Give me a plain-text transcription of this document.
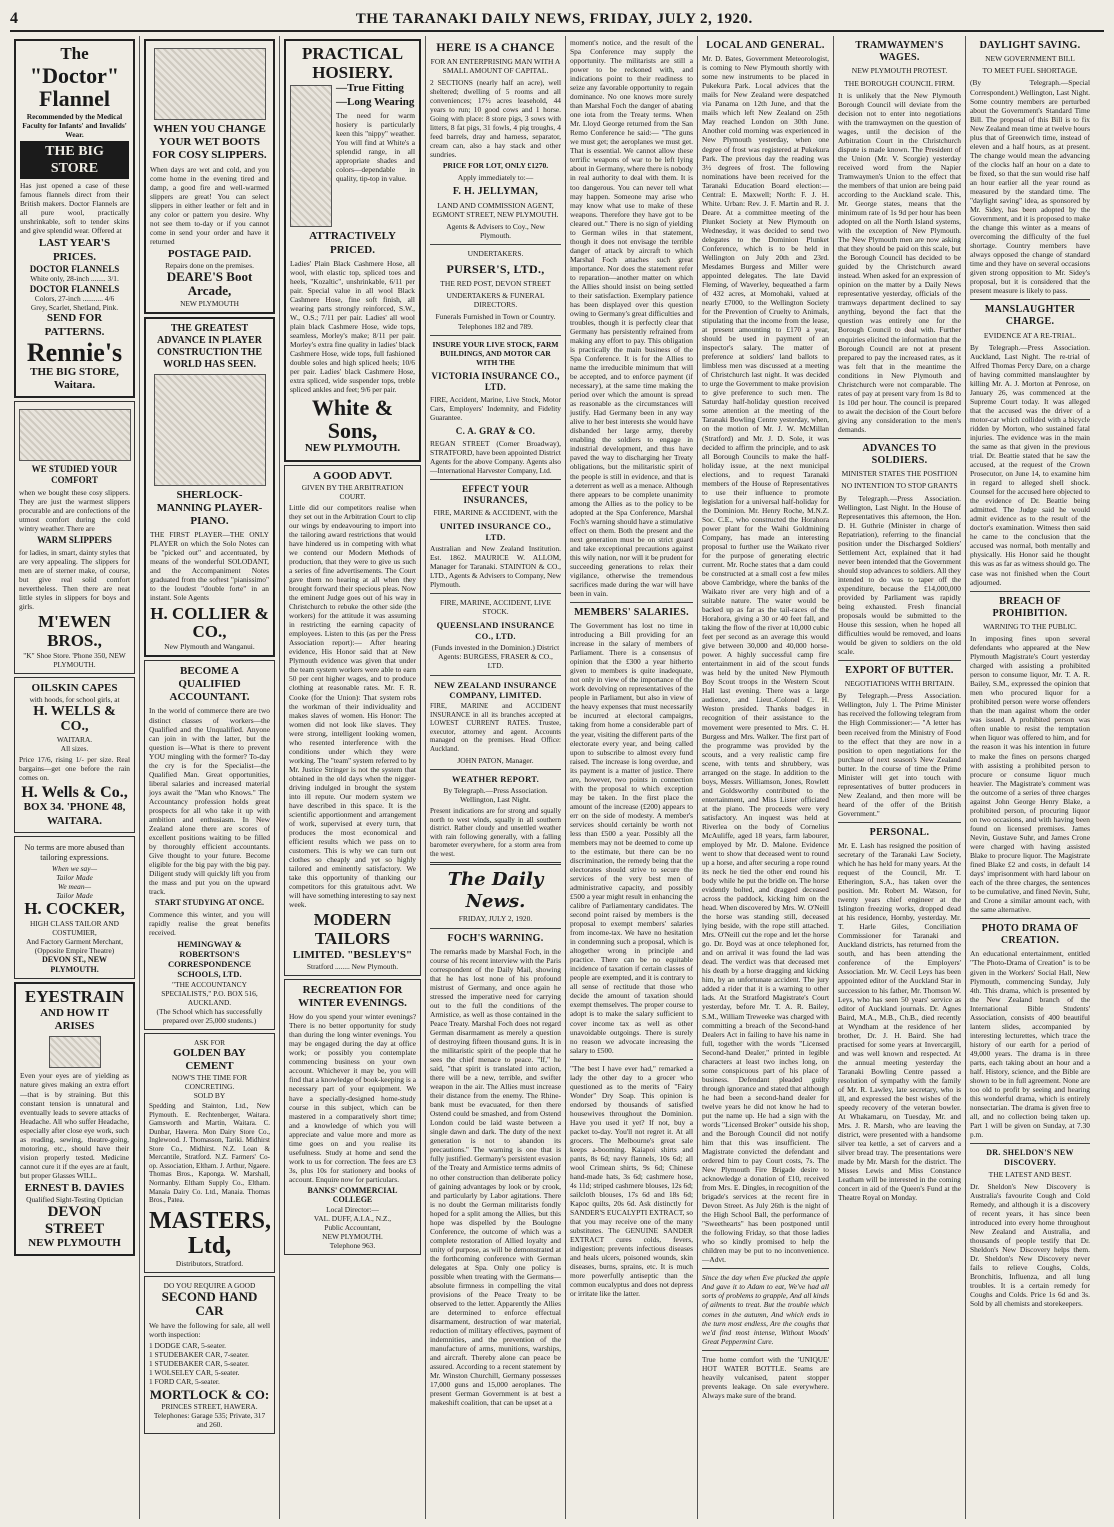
4	THE TARANAKI DAILY NEWS, FRIDAY, JULY 2, 1920.
The
"Doctor"
Flannel
Recommended by the Medical Faculty for Infants' and Invalids' Wear.
THE BIG STORE
Has just opened a case of these famous flannels direct from their British makers. Doctor Flannels are all pure wool, practically unshrinkable, soft to tender skins and give splendid wear. Offered at
LAST YEAR'S PRICES.
DOCTOR FLANNELS
White only, 28-inch ........ 3/1.
DOCTOR FLANNELS
Colors, 27-inch ........... 4/6
Grey, Scarlet, Shetland, Pink.
SEND FOR PATTERNS.
Rennie's
THE BIG STORE, Waitara.
WE STUDIED YOUR COMFORT
when we bought these cosy slippers. They are just the warmest slippers procurable and are confections of the utmost comfort during the cold wintry weather. There are
WARM SLIPPERS
for ladies, in smart, dainty styles that are very appealing. The slippers for men are of sterner make, of course, but give real solid comfort nevertheless. Then there are neat little styles in slippers for boys and girls.
M'EWEN BROS.,
"K" Shoe Store. 'Phone 350, NEW PLYMOUTH.
OILSKIN CAPES
with hoods, for school girls, at
H. WELLS & CO.,
WAITARA.
All sizes.
Price 17/6, rising 1/- per size. Real bargains—get one before the rain comes on.
H. Wells & Co.,
BOX 34. 'PHONE 48,
WAITARA.
No terms are more abused than tailoring expressions.
When we say—
Tailor Made
We mean—
Tailor Made
H. COCKER,
HIGH CLASS TAILOR AND COSTUMIER,
And Factory Garment Merchant, (Opposite Empire Theatre)
DEVON ST., NEW PLYMOUTH.
EYESTRAIN
AND HOW IT ARISES
Even your eyes are of yielding as nature gives making an extra effort—that is by straining. But this constant tension is unnatural and eventually leads to severe attacks of Headache. All who suffer Headache, especially after close eye work, such as reading, sewing, theatre-going, motoring, etc., should have their vision properly tested. Medicine cannot cure it if the eyes are at fault, but proper Glasses WILL.
ERNEST B. DAVIES
Qualified Sight-Testing Optician
DEVON STREET
NEW PLYMOUTH
WHEN YOU CHANGE YOUR WET BOOTS FOR COSY SLIPPERS.
When days are wet and cold, and you come home in the evening tired and damp, a good fire and well-warmed slippers are great! You can select slippers in either leather or felt and in any color or pattern you desire. Why not see them to-day or if you cannot come in send your order and have it returned
POSTAGE PAID.
Repairs done on the premises.
DEARE'S Boot Arcade,
NEW PLYMOUTH
THE GREATEST ADVANCE IN PLAYER CONSTRUCTION THE WORLD HAS SEEN.
SHERLOCK-MANNING PLAYER-PIANO.
THE FIRST PLAYER—THE ONLY PLAYER on which the Solo Notes can be "picked out" and accentuated, by means of the wonderful SOLODANT, and the Accompaniment Notes graduated from the softest "pianissimo" to the loudest "double forte" in an instant. Sole Agents
H. COLLIER & CO.,
New Plymouth and Wanganui.
BECOME A QUALIFIED ACCOUNTANT.
In the world of commerce there are two distinct classes of workers—the Qualified and the Unqualified. Anyone can join in with the latter, but the question is—What is there to prevent YOU mingling with the former? To-day the cry is for the Specialist—the Qualified Man. Great opportunities, liberal salaries and increased material joys await the "Man who Knows." The Accountancy profession holds great prospects for all who take it up with ambition and enthusiasm. In New Zealand alone there are scores of excellent positions waiting to be filled by thoroughly efficient accountants. Give thought to your future. Become eligible for the big pay with the big pay. Diligent study will quickly lift you from the mass and put you on the upward track.
START STUDYING AT ONCE.
Commence this winter, and you will rapidly realise the great benefits received.
HEMINGWAY & ROBERTSON'S CORRESPONDENCE SCHOOLS, LTD.
"THE ACCOUNTANCY SPECIALISTS," P.O. BOX 516, AUCKLAND.
(The School which has successfully prepared over 25,000 students.)
ASK FOR
GOLDEN BAY CEMENT
NOW'S THE TIME FOR CONCRETING.
SOLD BY
Spedding and Stainton, Ltd., New Plymouth. E. Rechtenberger, Waitara. Gamsworth and Martin, Waitara. C. Dunbar, Hawera. Mon Dairy Store Co., Inglewood. J. Thomasson, Tariki. Midhirst Store Co., Midhirst. N.Z. Loan & Mercantile, Stratford. N.Z. Farmers' Co-op. Association, Eltham. J. Arthur, Ngaere. Thomas Bros., Kaponga. W. Marshall, Normanby. Eltham Supply Co., Eltham. Manaia Dairy Co. Ltd., Manaia. Thomas Bros., Patea.
MASTERS, Ltd,
Distributors, Stratford.
DO YOU REQUIRE A GOOD
SECOND HAND CAR
We have the following for sale, all well worth inspection:
1 DODGE CAR, 5-seater.
1 STUDEBAKER CAR, 7-seater.
1 STUDEBAKER CAR, 5-seater.
1 WOLSELEY CAR, 5-seater.
1 FORD CAR, 5-seater.
MORTLOCK & CO:
PRINCES STREET, HAWERA.
Telephones: Garage 535; Private, 317 and 260.
PRACTICAL HOSIERY.
—True Fitting
—Long Wearing
The need for warm hosiery is particularly keen this "nippy" weather. You will find at White's a splendid range, in all appropriate shades and colors—dependable in quality, tip-top in value.
ATTRACTIVELY PRICED.
Ladies' Plain Black Cashmere Hose, all wool, with elastic top, spliced toes and heels, "Kozaltic", unshrinkable, 6/11 per pair. Special value in all wool Black Cashmere Hose, fine soft finish, all wearing parts strongly reinforced, S.W., W., O.S.; 7/11 per pair. Ladies' all wool plain black Cashmere Hose, wide tops, seamless, Morley's make; 8/11 per pair. Morley's extra fine quality in ladies' black Cashmere Hose, wide tops, full fashioned double soles and high spliced heels; 10/6 per pair. Ladies' black Cashmere Hose, extra spliced, wide suspender tops, treble spliced ankles and feet; 9/6 per pair.
White & Sons,
NEW PLYMOUTH.
A GOOD ADVT.
GIVEN BY THE ARBITRATION COURT.
Little did our competitors realise when they set out in the Arbitration Court to clip our wings by endeavouring to import into the tailoring award restrictions that would have hindered us in competing with what we contend our Modern Methods of production, that they were to give us such a series of fine advertisements. The Court gave them no hearing at all when they brought forward their specious pleas. Now the eminent Judge goes out of his way in Christchurch to rebuke the other side (the workers) for the attitude it was assuming in restricting the earning capacity of employees. Listen to this (as per the Press Association report):— After hearing evidence, His Honor said that at New Plymouth evidence was given that under the team system workers were able to earn 50 per cent higher wages, and to produce clothing at reasonable rates. Mr. F. R. Cooke (for the Union): That system robs the workman of their individuality and makes slaves of women. His Honor: The women did not look like slaves. They were strong, intelligent looking women, who resented interference with the conditions under which they were working. The "team" system referred to by Mr. Justice Stringer is not the system that obtained in the old days when the nigger-driving indulged in brought the system into ill repute. Our modern system we have described in this space. It is the scientific apportionment and arrangement of work, supervised at every turn, that produces the most economical and efficient results which we pass on to customers. This is why we can turn out clothes so cheaply and yet so highly tailored and eminently satisfactory. We take this opportunity of thanking our competitors for this gratuitous advt. We will have something interesting to say next week.
MODERN TAILORS
LIMITED. "BESLEY'S"
Stratford ........ New Plymouth.
RECREATION FOR WINTER EVENINGS.
How do you spend your winter evenings? There is no better opportunity for study than during the long winter evenings. You may be engaged during the day at office work; or possibly you contemplate commencing business on your own account. Whichever it may be, you will find that a knowledge of book-keeping is a necessary part of your equipment. We have a specially-designed home-study course in this subject, which can be mastered in a comparatively short time; and a knowledge of which you will appreciate and value more and more as time goes on and you realise its usefulness. Study at home and send the work to us for correction. The fees are £3 3s, plus 10s for stationery and books of account. Enquire now for particulars.
BANKS' COMMERCIAL COLLEGE
Local Director:—
VAL. DUFF, A.I.A., N.Z.,
Public Accountant,
NEW PLYMOUTH.
Telephone 963.
HERE IS A CHANCE
FOR AN ENTERPRISING MAN WITH A SMALL AMOUNT OF CAPITAL.
2 SECTIONS (nearly half an acre), well sheltered; dwelling of 5 rooms and all conveniences; 17½ acres leasehold, 44 years to run; 10 good cows and 1 horse. Going with place: 8 store pigs, 3 sows with litters, 8 fat pigs, 31 fowls, 4 pig troughs, 4 feed barrels, dray and harness, separator, cream can, also a hay stack and other sundries.
PRICE FOR LOT, ONLY £1270.
Apply immediately to:—
F. H. JELLYMAN,
LAND AND COMMISSION AGENT, EGMONT STREET, NEW PLYMOUTH.
Agents & Advisers to Coy., New Plymouth.
UNDERTAKERS.
PURSER'S, LTD.,
THE RED POST, DEVON STREET
UNDERTAKERS & FUNERAL DIRECTORS.
Funerals Furnished in Town or Country. Telephones 182 and 789.
INSURE YOUR LIVE STOCK, FARM BUILDINGS, AND MOTOR CAR WITH THE
VICTORIA INSURANCE CO., LTD.
FIRE, Accident, Marine, Live Stock, Motor Cars, Employers' Indemnity, and Fidelity Guarantee.
C. A. GRAY & CO.
REGAN STREET (Corner Broadway), STRATFORD, have been appointed District Agents for the above Company. Agents also—International Harvester Company, Ltd.
EFFECT YOUR INSURANCES,
FIRE, MARINE & ACCIDENT, with the
UNITED INSURANCE CO., LTD.
Australian and New Zealand Institution. Est. 1862. MAURICE W. ALLOM, Manager for Taranaki. STAINTON & CO., LTD., Agents & Advisers to Company, New Plymouth.
FIRE, MARINE, ACCIDENT, LIVE STOCK.
QUEENSLAND INSURANCE CO., LTD.
(Funds invested in the Dominion.) District Agents: BURGESS, FRASER & CO., LTD.
NEW ZEALAND INSURANCE COMPANY, LIMITED.
FIRE, MARINE and ACCIDENT INSURANCE in all its branches accepted at LOWEST CURRENT RATES. Trustee, executor, attorney and agent. Accounts managed on the premises. Head Office: Auckland.
JOHN PATON, Manager.
WEATHER REPORT.
By Telegraph.—Press Association. Wellington, Last Night.
Present indications are for strong and squally north to west winds, squally in all southern district. Rather cloudy and unsettled weather with rain following generally, with a falling barometer everywhere, for a storm area from the west.
The Daily News.
FRIDAY, JULY 2, 1920.
FOCH'S WARNING.
The remarks made by Marshal Foch, in the course of his recent interview with the Paris correspondent of the Daily Mail, showing that he has lost none of his profound mistrust of Germany, and once again he stressed the imperative need for carrying out to the full the conditions of the Armistice, as well as those contained in the Peace Treaty. Marshal Foch does not regard German disarmament as merely a question of destroying fifteen thousand guns. It is in the militaristic spirit of the people that he sees the chief menace to peace. "If," he said, "that spirit is translated into action, there will be a new, terrible, and swifter weapon in the air. The Allies must increase their distance from the enemy. The Rhine-bank must be evacuated, for then there Ostend could be smashed, and from Ostend London could be laid waste between a single dawn and dark. The duty of the next generation is not to abandon its precautions." The warning is one that is fully justified. Germany's persistent evasion of the Treaty and Armistice terms admits of no other construction than deliberate policy of gaining advantages by look or by crook, and particularly by Labor agitations. There is no doubt the German militarists fondly hoped for a split among the Allies, but this hope was dispelled by the Boulogne Conference, the outcome of which was a complete restoration of Allied loyalty and unity of purpose, as will be demonstrated at the forthcoming conference with German delegates at Spa. Only one policy is possible when treating with the Germans—absolute firmness in compelling the vital provisions of the Peace Treaty to be observed to the letter. Apparently the Allies are determined to enforce effectual disarmament, destruction of war material, reduction of military effectives, payment of indemnities, and the prevention of the manufacture of arms, munitions, warships, and aircraft. Thereby alone can peace be assured. According to a recent statement by Mr. Winston Churchill, Germany possesses 17,000 guns and 15,000 aeroplanes. The present German Government is at best a makeshift coalition, that can be upset at a
moment's notice, and the result of the Spa Conference may supply the opportunity. The militarists are still a power to be reckoned with, and indications point to their readiness to seize any favorable opportunity to regain dominance. No one knows more surely than Marshal Foch the danger of abating one iota from the Treaty terms. When Mr. Lloyd George returned from the San Remo Conference he said:— "The guns we must get; the aeroplanes we must get. That is essential. We cannot allow these terrific weapons of war to be left lying about in Germany, where there is nobody in real authority to deal with them. It is too dangerous. You can never tell what may happen. Someone may arise who may know what use to make of these weapons. Therefore they have got to be cleared out." There is no sign of yielding to German wiles in that statement, though it does not envisage the terrible danger of attack by aircraft to which Marshal Foch attaches such great importance. Nor does the statement refer to reparation—another matter on which the Allies should insist on being settled to their satisfaction. Exemplary patience has been displayed over this question owing to Germany's great difficulties and troubles, though it is perfectly clear that Germany has persistently refrained from making any effort to pay. This obligation is practically the main business of the Spa Conference. It is for the Allies to name the irreducible minimum that will be accepted, and to enforce payment (if necessary), at the same time making the period over which the amount is spread as reasonable as the circumstances will justify. Had Germany been in any way alive to her best interests she would have disbanded her large army, thereby enabling the soldiers to engage in industrial development, and thus have paved the way to discharging her Treaty obligations, but the militaristic spirit of the people is still in evidence, and that is a deterrent as well as a menace. Although there appears to be complete unanimity among the Allies as to the policy to be adopted at the Spa Conference, Marshal Foch's warning should have a stimulative effect on them. Both the present and the next generation must be on strict guard and take exceptional precautions against this wily nation, nor will it be prudent for succeeding generations to relax their vigilance, otherwise the tremendous sacrifices made during the war will have been in vain.
MEMBERS' SALARIES.
The Government has lost no time in introducing a Bill providing for an increase in the salary of members of Parliament. There is a consensus of opinion that the £300 a year hitherto given to members is quite inadequate, not only in view of the importance of the work devolving on representatives of the people in Parliament, but also in view of the heavy expenses that must necessarily be incurred at electoral campaigns, taking from home a considerable part of the year, visiting the different parts of the electorate every year, and being called upon to subscribe to almost every fund raised. The increase is long overdue, and its payment is a matter of justice. There are, however, two points in connection with the proposal to which exception may be taken. In the first place the amount of the increase (£200) appears to err on the side of modesty. A member's services should certainly be worth not less than £500 a year. Possibly all the members may not be deemed to come up to the estimate, but there can be no discrimination, the remedy being that the electorates should strive to secure the services of the very best men of administrative capacity, and possibly £500 a year might result in enhancing the calibre of Parliamentary candidates. The second point raised by members is the proposal to exempt members' salaries from income-tax. We have no hesitation in condemning such a proposal, which is altogether wrong in principle and practice. There can be no equitable incidence of taxation if certain classes of people are exempted, and it is contrary to all sense of rectitude that those who decide the amount of taxation should exempt themselves. The proper course to adopt is to make the salary sufficient to cover income tax as well as other unavoidable outgoings. There is surely no reason we advocate increasing the salary to £500.
"The best I have ever had," remarked a lady the other day to a grocer who questioned as to the merits of "Fairy Wonder" Dry Soap. This opinion is endorsed by thousands of satisfied housewives throughout the Dominion. Have you used it yet? If not, buy a packet to-day. You'll not regret it. At all grocers. The Melbourne's great sale keeps a-booming. Kaiapoi shirts and pants, 8s 6d; navy flannels, 10s 6d; all wool Crimean shirts, 9s 6d; Chinese hand-made hats, 3s 6d; cashmere hose, 4s 11d; striped cashmere blouses, 12s 6d; sailcloth blouses, 17s 6d and 18s 6d; Kapoc quilts, 20s 6d. Ask distinctly for SANDER'S EUCALYPTI EXTRACT, so that you may receive one of the many substitutes. The GENUINE SANDER EXTRACT cures colds, fevers, indigestion; prevents infectious diseases and heals ulcers, poisoned wounds, skin diseases, burns, sprains, etc. It is much more powerfully antiseptic than the common eucalyptus and does not depress or irritate like the latter.
LOCAL AND GENERAL.
Mr. D. Bates, Government Meteorologist, is coming to New Plymouth shortly with some new instruments to be placed in Pukekura Park. Local advices that the mails for New Zealand were despatched via Panama on 12th June, and that the mails which left New Zealand on 25th May reached London on 30th June. Another cold morning was experienced in New Plymouth yesterday, when one degree of frost was registered at Pukekura Park. The previous day the reading was 3½ degrees of frost. The following nominations have been received for the Taranaki Education Board election:—Central: E. Maxwell; North: F. J. H. White. Urban: Rev. J. F. Martin and R. J. Deare. At a committee meeting of the Plunket Society at New Plymouth on Wednesday, it was decided to send two delegates to the Dominion Plunket Conference, which is to be held in Wellington on July 20th and 23rd. Mesdames Burgess and Miller were appointed delegates. The late David Fleming, of Waverley, bequeathed a farm of 432 acres, at Momohaki, valued at nearly £7000, to the Wellington Society for the Prevention of Cruelty to Animals, stipulating that the income from the lease, at present amounting to £170 a year, should be used in payment of an inspector's salary. The matter of preference at soldiers' land ballots to limbless men was discussed at a meeting of Christchurch last night. It was decided to urge the Government to make provision to give preference to such men. The Saturday half-holiday question received some attention at the meeting of the Taranaki Bowling Centre yesterday, when, on the motion of Mr. J. W. McMillan (Stratford) and Mr. J. D. Sole, it was decided to affirm the principle, and to ask all Borough Councils to make the half-holiday issue, at the next municipal elections, and to request Taranaki members of the House of Representatives to use their influence to promote legislation for a universal half-holiday for the Dominion. Mr. Henry Roche, M.N.Z. Soc. C.E., who constructed the Horahora power plant for the Waihi Goldmining Company, has made an interesting proposal to further use the Waikato river for the purpose of generating electric current. Mr. Roche states that a dam could be constructed at a small cost a few miles above Cambridge, where the banks of the Waikato river are very high and of a suitable nature. The water would be backed up as far as the tail-races of the Horahora, giving a 30 or 40 feet fall, and taking the flow of the river at 10,000 cubic feet per second as an average this would give between 30,000 and 40,000 horse-power. A highly successful camp fire entertainment in aid of the scout funds was held by the united New Plymouth Boy Scout troops in the Western Scout Hall last evening. There was a large audience, and Lieut.-Colonel C. H. Weston presided. Thanks badges in recognition of their assistance to the movement were presented to Mrs. C. H. Burgess and Mrs. Walker. The first part of the programme was provided by the scouts, and a very realistic camp fire scene, with tents and shrubbery, was arranged on the stage. In addition to the boys, Messrs. Williamson, Jones, Rowlett and Goldsworthy contributed to the entertainment, and Miss Lister officiated at the piano. The proceeds were very satisfactory. An inquest was held at Riverlea on the body of Cornelius McAuliffe, aged 18 years, farm labourer, employed by Mr. D. Malone. Evidence went to show that deceased went to round up a horse, and after securing a rope round its neck he tied the other end round his body while he put the bridle on. The horse evidently bolted, and dragged deceased across the paddock, kicking him on the head. When discovered by Mrs. W. O'Neill the horse was standing still, deceased lying beside, with the rope still attached. Mrs. O'Neill cut the rope and let the horse go. Dr. Boyd was at once telephoned for, and on arrival it was found the lad was dead. The verdict was that deceased met his death by a horse dragging and kicking him, by an unfortunate accident. The jury added a rider that it is a warning to other lads. At the Stratford Magistrate's Court yesterday, before Mr. T. A. R. Bailey, S.M., William Treweeke was charged with committing a breach of the Second-hand Dealers Act in failing to have his name in full, together with the words "Licensed Second-hand Dealer," printed in legible characters at least two inches long, on some conspicuous part of his place of business. Defendant pleaded guilty through ignorance and stated that although he had been a second-hand dealer for twelve years he did not know he had to put the name up. He had a sign with the words "Licensed Broker" outside his shop, and the Borough Council did not notify him that this was insufficient. The Magistrate convicted the defendant and ordered him to pay Court costs, 7s. The New Plymouth Fire Brigade desire to acknowledge a donation of £10, received from Mrs. E. Dingles, in recognition of the brigade's services at the recent fire in Devon Street. As July 26th is the night of the High School Ball, the performance of "Sweethearts" has been postponed until the following Friday, so that those ladies who so kindly promised to help the children may be put to no inconvenience.—Advt.
Since the day when Eve plucked the apple And gave it to Adam to eat, We've had all sorts of problems to grapple, And all kinds of ailments to treat. But the trouble which comes in the autumn, And which ends in the turn most endless, Are the coughs that we'd find most intense, Without Woods' Great Peppermint Cure.
True home comfort with the 'UNIQUE' HOT WATER BOTTLE. Seams are heavily vulcanised, patent stopper prevents leakage. On sale everywhere. Always make sure of the brand.
TRAMWAYMEN'S WAGES.
NEW PLYMOUTH PROTEST.
THE BOROUGH COUNCIL FIRM.
It is unlikely that the New Plymouth Borough Council will deviate from the decision not to enter into negotiations with the tramwaymen on the question of wages, until the decision of the Arbitration Court in the Christchurch dispute is made known. The President of the Union (Mr. V. Scorgie) yesterday received word from the Napier Tramwaymen's Union to the effect that the members of that union are being paid according to the Auckland scale. This, Mr. George states, means that the minimum rate of 1s 9d per hour has been adopted on all the North Island systems, with the exception of New Plymouth. The New Plymouth men are now asking that they should be paid on this scale, but the Borough Council has decided to be guided by the Christchurch award instead. When asked for an expression of opinion on the matter by a Daily News representative yesterday, officials of the tramways department declined to say anything, beyond the fact that the question was entirely one for the Borough Council to deal with. Further enquiries elicited the information that the Borough Council are not at present prepared to pay the increased rates, as it was felt that in the meantime the conditions in New Plymouth and Christchurch were not comparable. The rates of pay at present vary from 1s 8d to 1s 10d per hour. The council is prepared to await the decision of the Court before giving any consideration to the men's demands.
ADVANCES TO SOLDIERS.
MINISTER STATES THE POSITION
NO INTENTION TO STOP GRANTS
By Telegraph.—Press Association. Wellington, Last Night. In the House of Representatives this afternoon, the Hon. D. H. Guthrie (Minister in charge of Repatriation), referring to the financial position under the Discharged Soldiers' Settlement Act, explained that it had never been intended that the Government should stop advances to soldiers. All they intended to do was to taper off the expenditure, because the £14,000,000 provided by Parliament was rapidly being exhausted. Fresh financial proposals would be submitted to the House this session, when he hoped all difficulties would be removed, and loans would be given to soldiers on the old scale.
EXPORT OF BUTTER.
NEGOTIATIONS WITH BRITAIN.
By Telegraph.—Press Association. Wellington, July 1. The Prime Minister has received the following telegram from the High Commissioner:— "A letter has been received from the Ministry of Food to the effect that they are now in a position to open negotiations for the purchase of next season's New Zealand butter. In the course of time the Prime Minister will get into touch with representatives of butter producers in New Zealand, and then more will be heard of the offer of the British Government."
PERSONAL.
Mr. E. Lash has resigned the position of secretary of the Taranaki Law Society, which he has held for many years. At the request of the Council, Mr. T. Etherington, S.A., has taken over the position. Mr. Robert M. Watson, for twenty years chief engineer at the Islington freezing works, dropped dead at his residence, Hornby, yesterday. Mr. T. Harle Giles, Conciliation Commissioner for Taranaki and Auckland districts, has returned from the south, and has been attending the conference of the Employers' Association. Mr. W. Cecil Leys has been appointed editor of the Auckland Star in succession to his father, Mr. Thomson W. Leys, who has seen 50 years' service as editor of Auckland journals. Dr. Agnes Baird, M.A., M.B., Ch.B., died recently at Wyndham at the residence of her brother, Dr. J. H. Baird. She had practised for some years at Invercargill, and was well known and respected. At the annual meeting yesterday the Taranaki Bowling Centre passed a resolution of sympathy with the family of Mr. R. Lawley, late secretary, who is ill, and expressed the best wishes of the speedy recovery of the veteran bowler. At Whakamaru, on Tuesday, Mr. and Mrs. J. R. Marsh, who are leaving the district, were presented with a handsome silver tea kettle, a set of carvers and a silver bread tray. The presentations were made by Mr. Marsh for the district. The Misses Lewis and Miss Constance Leatham will be interested in the coming concert in aid of the Queen's Fund at the Theatre Royal on Monday.
DAYLIGHT SAVING.
NEW GOVERNMENT BILL
TO MEET FUEL SHORTAGE.
(By Telegraph.—Special Correspondent.) Wellington, Last Night. Some country members are perturbed about the Government's Standard Time Bill. The proposal of this Bill is to fix New Zealand mean time at twelve hours plus that of Greenwich time, instead of eleven and a half hours, as at present. The change would mean the advancing of the clocks half an hour on a date to be fixed, so that the sun would rise half an hour earlier all the year round as measured by the standard time. The "daylight saving" idea, as sponsored by Mr. Sidey, has been adopted by the Government, and it is proposed to make the change this winter as a means of overcoming the difficulty of the fuel shortage. Country members have always opposed the change of standard time and they have on several occasions given strong opposition to Mr. Sidey's proposal, but it is considered that the present measure is likely to pass.
MANSLAUGHTER CHARGE.
EVIDENCE AT A RE-TRIAL.
By Telegraph.—Press Association. Auckland, Last Night. The re-trial of Alfred Thomas Percy Dare, on a charge of having committed manslaughter by killing Mr. A. J. Morton at Penrose, on January 26, was commenced at the Supreme Court today. It was alleged that the accused was the driver of a motor-car which collided with a bicycle ridden by Morton, who sustained fatal injuries. The evidence was in the main the same as that given in the previous trial. Dr. Beattie stated that he saw the accused, at the request of the Crown Prosecutor, on June 14, to examine him in regard to alleged shell shock. Counsel for the accused here objected to the evidence of Dr. Beattie being admitted. The Judge said he would admit evidence as to the result of the doctor's examination. Witness then said he came to the conclusion that the accused was normal, both mentally and physically. His Honor said he thought this was as far as witness should go. The case was not finished when the Court adjourned.
BREACH OF PROHIBITION.
WARNING TO THE PUBLIC.
In imposing fines upon several defendants who appeared at the New Plymouth Magistrate's Court yesterday charged with assisting a prohibited person to consume liquor, Mr. T. A. R. Bailey, S.M., expressed the opinion that men who procured liquor for a prohibited person were worse offenders than the man against whom the order was issued. A prohibited person was often unable to resist the temptation when liquor was offered to him, and for the reason it was his intention in future to make the fines on persons charged with assisting a prohibited person to procure or consume liquor much heavier. The Magistrate's comment was the outcome of a series of three charges against John George Henry Blake, a prohibited person, of procuring liquor on two occasions, and with having been found on licensed premises. James Nevin, Gustave Suhr, and James Crone were charged with having assisted Blake to procure liquor. The Magistrate fined Blake £2 and costs, in default 14 days' imprisonment with hard labour on each of the three charges, the sentences to be cumulative, and fined Nevin, Suhr, and Crone a similar amount each, with the same alternative.
PHOTO DRAMA OF CREATION.
An educational entertainment, entitled "The Photo-Drama of Creation" is to be given in the Workers' Social Hall, New Plymouth, commencing Sunday, July 4th. This drama, which is presented by the New Zealand branch of the International Bible Students' Association, consists of 400 beautiful lantern slides, accompanied by interesting lecturettes, which trace the history of our earth for a period of 49,000 years. The drama is in three parts, each taking about an hour and a half. History, science, and the Bible are shown to be in full agreement. None are too old to profit by seeing and hearing this wonderful drama, which is entirely nonsectarian. The drama is given free to all, and no collection being taken up. Part 1 will be given on Sunday, at 7.30 p.m.
DR. SHELDON'S NEW DISCOVERY.
THE LATEST AND BEST.
Dr. Sheldon's New Discovery is Australia's favourite Cough and Cold Remedy, and although it is a discovery of recent years, it has since been introduced into every home throughout New Zealand and Australia, and thousands of people testify that Dr. Sheldon's New Discovery helps them. Dr. Sheldon's New Discovery never fails to relieve Coughs, Colds, Bronchitis, Influenza, and all lung troubles. It is a certain remedy for Coughs and Colds. Price 1s 6d and 3s. Sold by all chemists and storekeepers.
